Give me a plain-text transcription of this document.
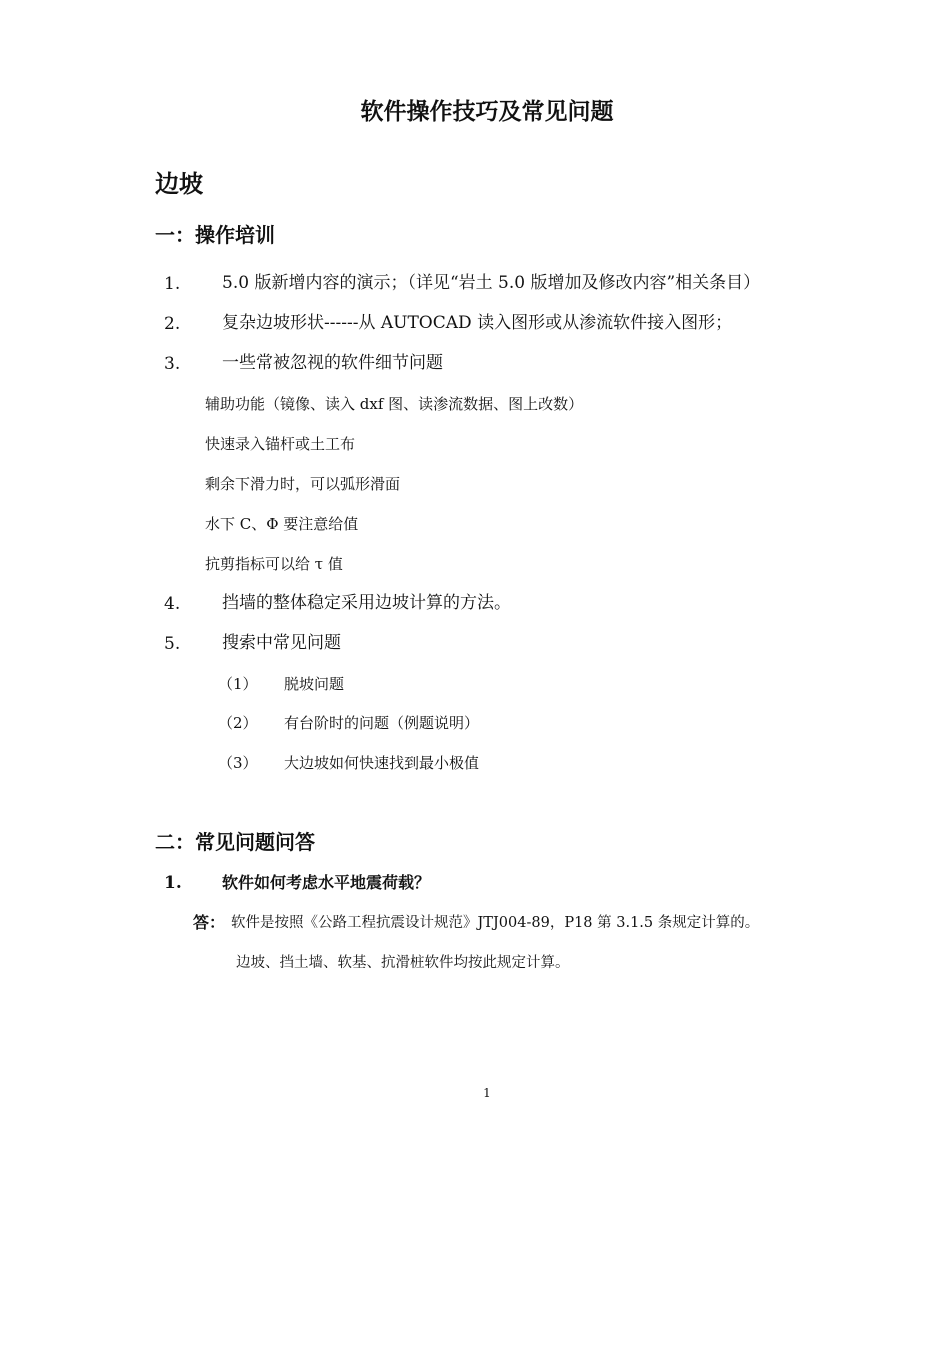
软件操作技巧及常见问题
边坡
一：操作培训
1. 5.0 版新增内容的演示；（详见“岩土 5.0 版增加及修改内容”相关条目）
2. 复杂边坡形状------从 AUTOCAD 读入图形或从渗流软件接入图形；
3. 一些常被忽视的软件细节问题
辅助功能（镜像、读入 dxf 图、读渗流数据、图上改数）
快速录入锚杆或土工布
剩余下滑力时，可以弧形滑面
水下 C、Φ 要注意给值
抗剪指标可以给 τ 值
4. 挡墙的整体稳定采用边坡计算的方法。
5. 搜索中常见问题
（1） 脱坡问题
（2） 有台阶时的问题（例题说明）
（3） 大边坡如何快速找到最小极值
二：常见问题问答
1.	软件如何考虑水平地震荷载？
答： 软件是按照《公路工程抗震设计规范》JTJ004-89，P18 第 3.1.5 条规定计算的。
边坡、挡土墙、软基、抗滑桩软件均按此规定计算。
1
